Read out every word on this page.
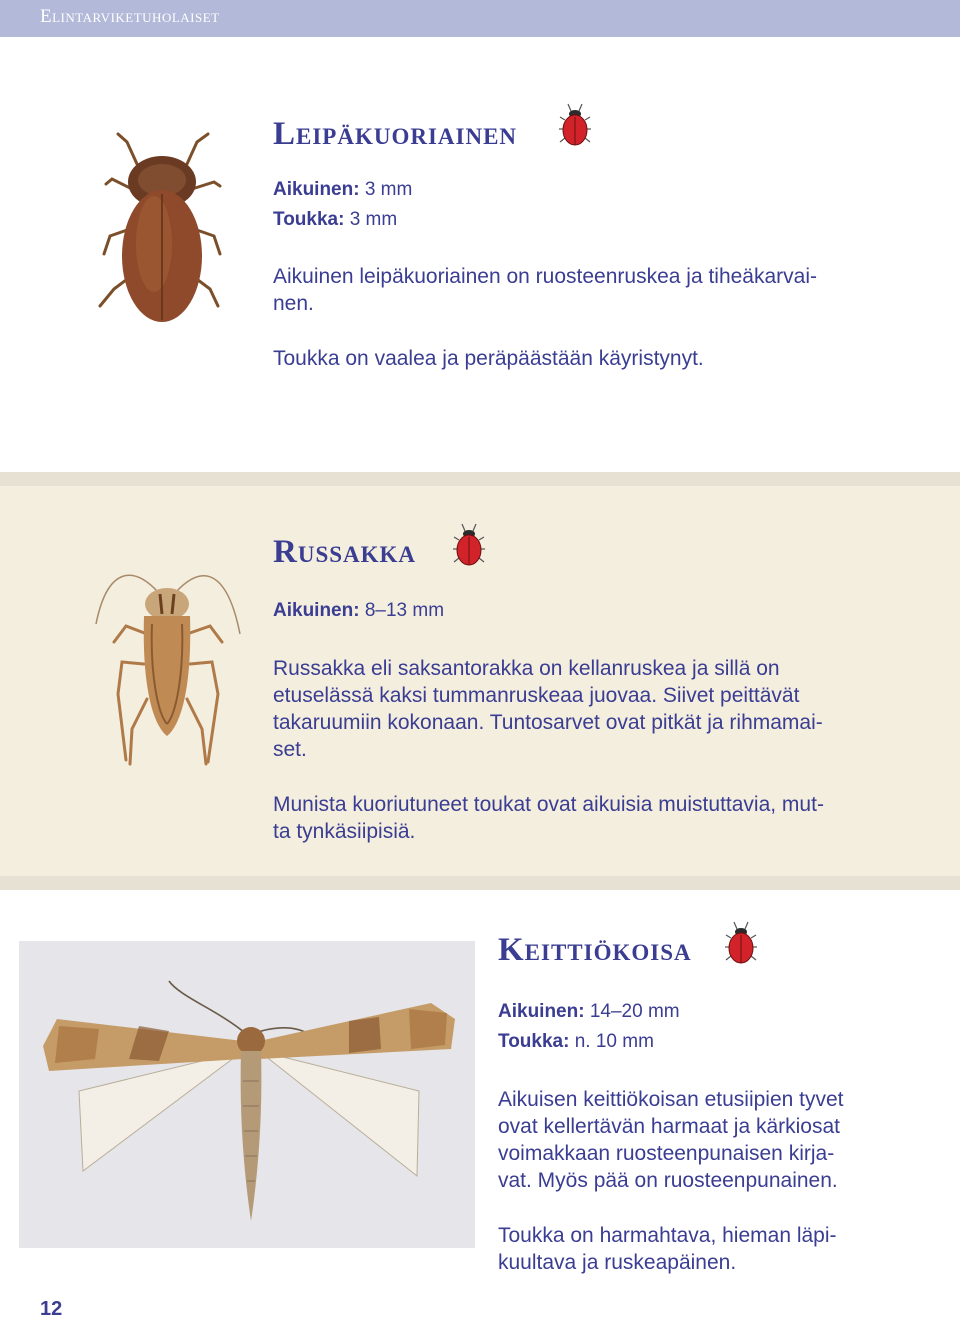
Elintarviketuholaiset
Leipäkuoriainen

Aikuinen: 3 mm

Toukka: 3 mm

Aikuinen leipäkuoriainen on ruosteenruskea ja tiheäkarvai-
nen.

Toukka on vaalea ja peräpäästään käyristynyt.

Russakka

Aikuinen: 8–13 mm

Russakka eli saksantorakka on kellanruskea ja sillä on
etuselässä kaksi tummanruskeaa juovaa. Siivet peittävät
takaruumiin kokonaan. Tuntosarvet ovat pitkät ja rihmamai-
set.

Munista kuoriutuneet toukat ovat aikuisia muistuttavia, mut-
ta tynkäsiipisiä.

Keittiökoisa

Aikuinen: 14–20 mm

Toukka: n. 10 mm

Aikuisen keittiökoisan etusiipien tyvet
ovat kellertävän harmaat ja kärkiosat
voimakkaan ruosteenpunaisen kirja-
vat. Myös pää on ruosteenpunainen.

Toukka on harmahtava, hieman läpi-
kuultava ja ruskeapäinen.

12
